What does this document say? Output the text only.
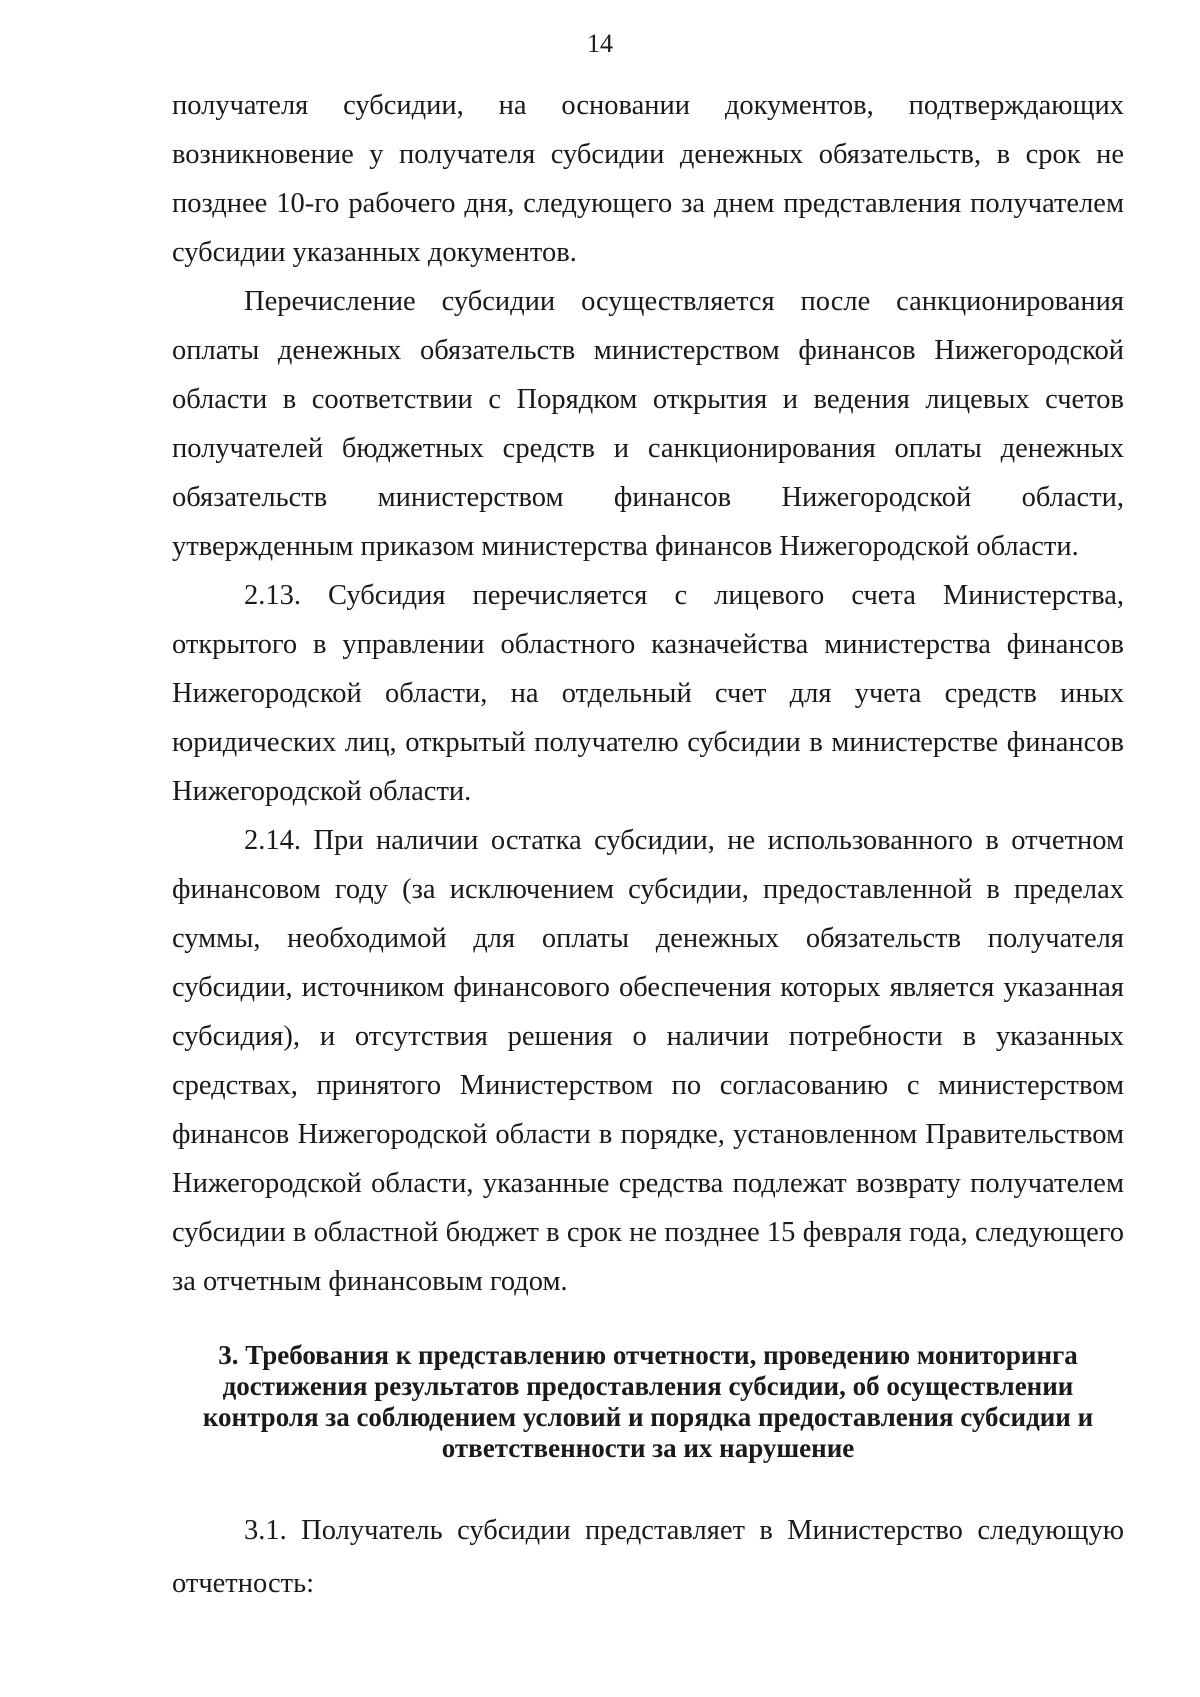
14

получателя субсидии, на основании документов, подтверждающих возникновение у получателя субсидии денежных обязательств, в срок не позднее 10-го рабочего дня, следующего за днем представления получателем субсидии указанных документов.

Перечисление субсидии осуществляется после санкционирования оплаты денежных обязательств министерством финансов Нижегородской области в соответствии с Порядком открытия и ведения лицевых счетов получателей бюджетных средств и санкционирования оплаты денежных обязательств министерством финансов Нижегородской области, утвержденным приказом министерства финансов Нижегородской области.

2.13. Субсидия перечисляется с лицевого счета Министерства, открытого в управлении областного казначейства министерства финансов Нижегородской области, на отдельный счет для учета средств иных юридических лиц, открытый получателю субсидии в министерстве финансов Нижегородской области.

2.14. При наличии остатка субсидии, не использованного в отчетном финансовом году (за исключением субсидии, предоставленной в пределах суммы, необходимой для оплаты денежных обязательств получателя субсидии, источником финансового обеспечения которых является указанная субсидия), и отсутствия решения о наличии потребности в указанных средствах, принятого Министерством по согласованию с министерством финансов Нижегородской области в порядке, установленном Правительством Нижегородской области, указанные средства подлежат возврату получателем субсидии в областной бюджет в срок не позднее 15 февраля года, следующего за отчетным финансовым годом.

3. Требования к представлению отчетности, проведению мониторинга достижения результатов предоставления субсидии, об осуществлении контроля за соблюдением условий и порядка предоставления субсидии и ответственности за их нарушение

3.1. Получатель субсидии представляет в Министерство следующую отчетность:
